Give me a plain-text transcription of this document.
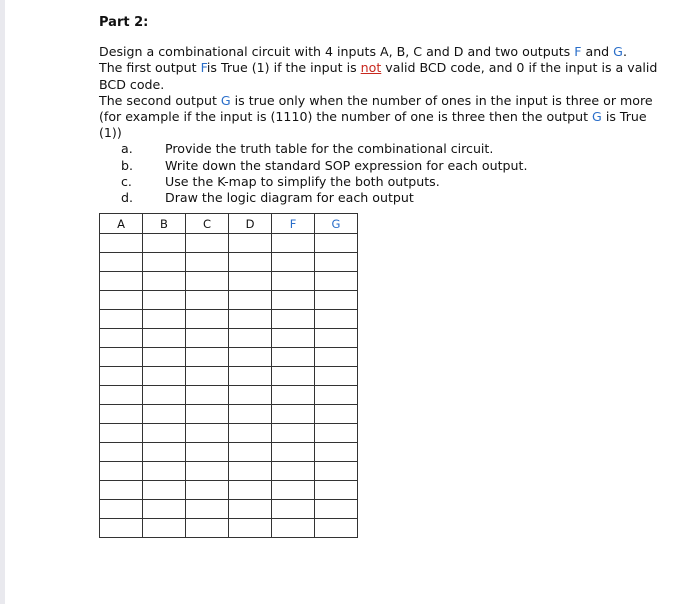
Part 2:

Design a combinational circuit with 4 inputs A, B, C and D and two outputs F and G.

The first output Fis True (1) if the input is not valid BCD code, and 0 if the input is a valid BCD code.

The second output G is true only when the number of ones in the input is three or more (for example if the input is (1110) the number of one is three then the output G is True (1))

a.	Provide the truth table for the combinational circuit.
b.	Write down the standard SOP expression for each output.
c.	Use the K-map to simplify the both outputs.
d.	Draw the logic diagram for each output
A	B	C	D	F	G
